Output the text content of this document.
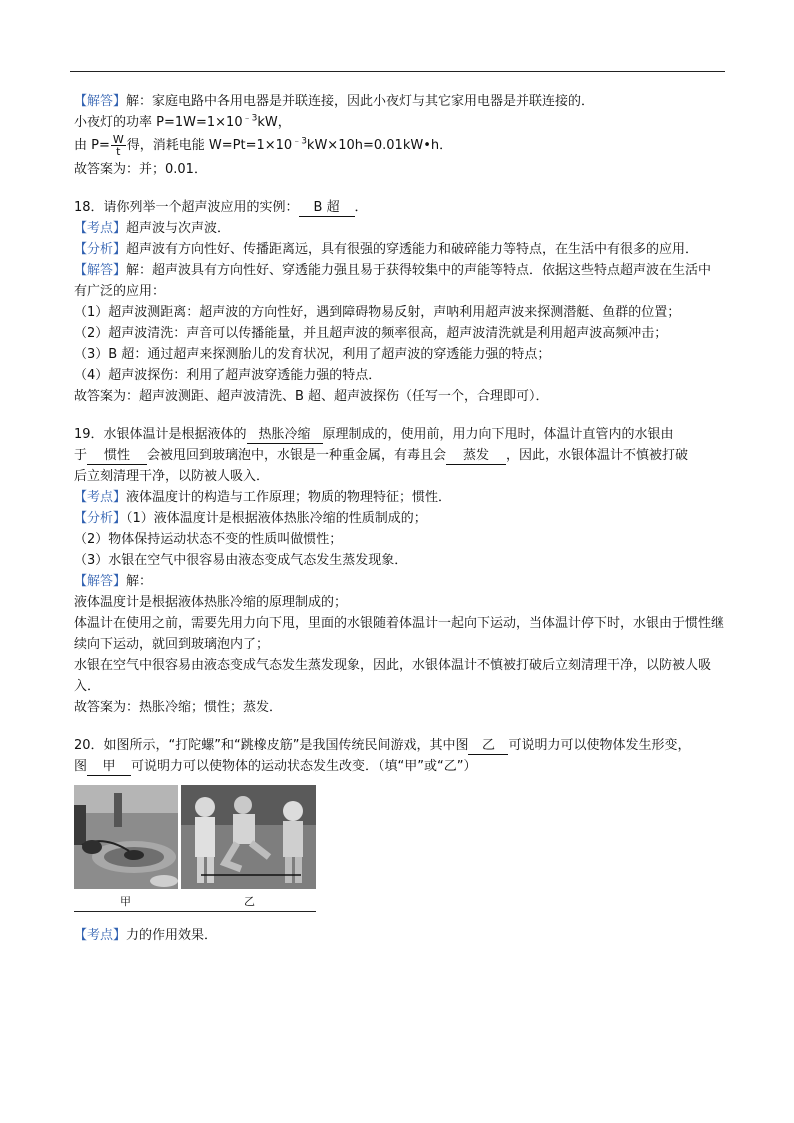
【解答】解：家庭电路中各用电器是并联连接，因此小夜灯与其它家用电器是并联连接的．
小夜灯的功率 $P=1W=1\times 10^{﹣3}kW$，
由 $P= \frac{W}{t}$ 得，消耗电能 $W=Pt=1\times 10^{﹣3}kW\times 10h=0.01kW•h$．
故答案为：并；0.01．
18．请你列举一个超声波应用的实例： B 超 ．
【考点】超声波与次声波．
【分析】超声波有方向性好、传播距离远，具有很强的穿透能力和破碎能力等特点，在生活中有很多的应用．
【解答】解：超声波具有方向性好、穿透能力强且易于获得较集中的声能等特点．依据这些特点超声波在生活中有广泛的应用：
（1）超声波测距离：超声波的方向性好，遇到障碍物易反射，声呐利用超声波来探测潜艇、鱼群的位置；
（2）超声波清洗：声音可以传播能量，并且超声波的频率很高，超声波清洗就是利用超声波高频冲击；
（3）B 超：通过超声来探测胎儿的发育状况，利用了超声波的穿透能力强的特点；
（4）超声波探伤：利用了超声波穿透能力强的特点．
故答案为：超声波测距、超声波清洗、B 超、超声波探伤（任写一个，合理即可）．
19．水银体温计是根据液体的 热胀冷缩 原理制成的，使用前，用力向下甩时，体温计直管内的水银由
于 惯性 会被甩回到玻璃泡中，水银是一种重金属，有毒且会 蒸发 ，因此，水银体温计不慎被打破
后立刻清理干净，以防被人吸入．
【考点】液体温度计的构造与工作原理；物质的物理特征；惯性．
【分析】（1）液体温度计是根据液体热胀冷缩的性质制成的；
（2）物体保持运动状态不变的性质叫做惯性；
（3）水银在空气中很容易由液态变成气态发生蒸发现象．
【解答】解：
液体温度计是根据液体热胀冷缩的原理制成的；
体温计在使用之前，需要先用力向下甩，里面的水银随着体温计一起向下运动，当体温计停下时，水银由于惯性继续向下运动，就回到玻璃泡内了；
水银在空气中很容易由液态变成气态发生蒸发现象，因此，水银体温计不慎被打破后立刻清理干净，以防被人吸入．
故答案为：热胀冷缩；惯性；蒸发．
20．如图所示，“打陀螺”和“跳橡皮筋”是我国传统民间游戏，其中图 乙 可说明力可以使物体发生形变，
图 甲 可说明力可以使物体的运动状态发生改变．（填“甲”或“乙”）
甲	乙
【考点】力的作用效果．
